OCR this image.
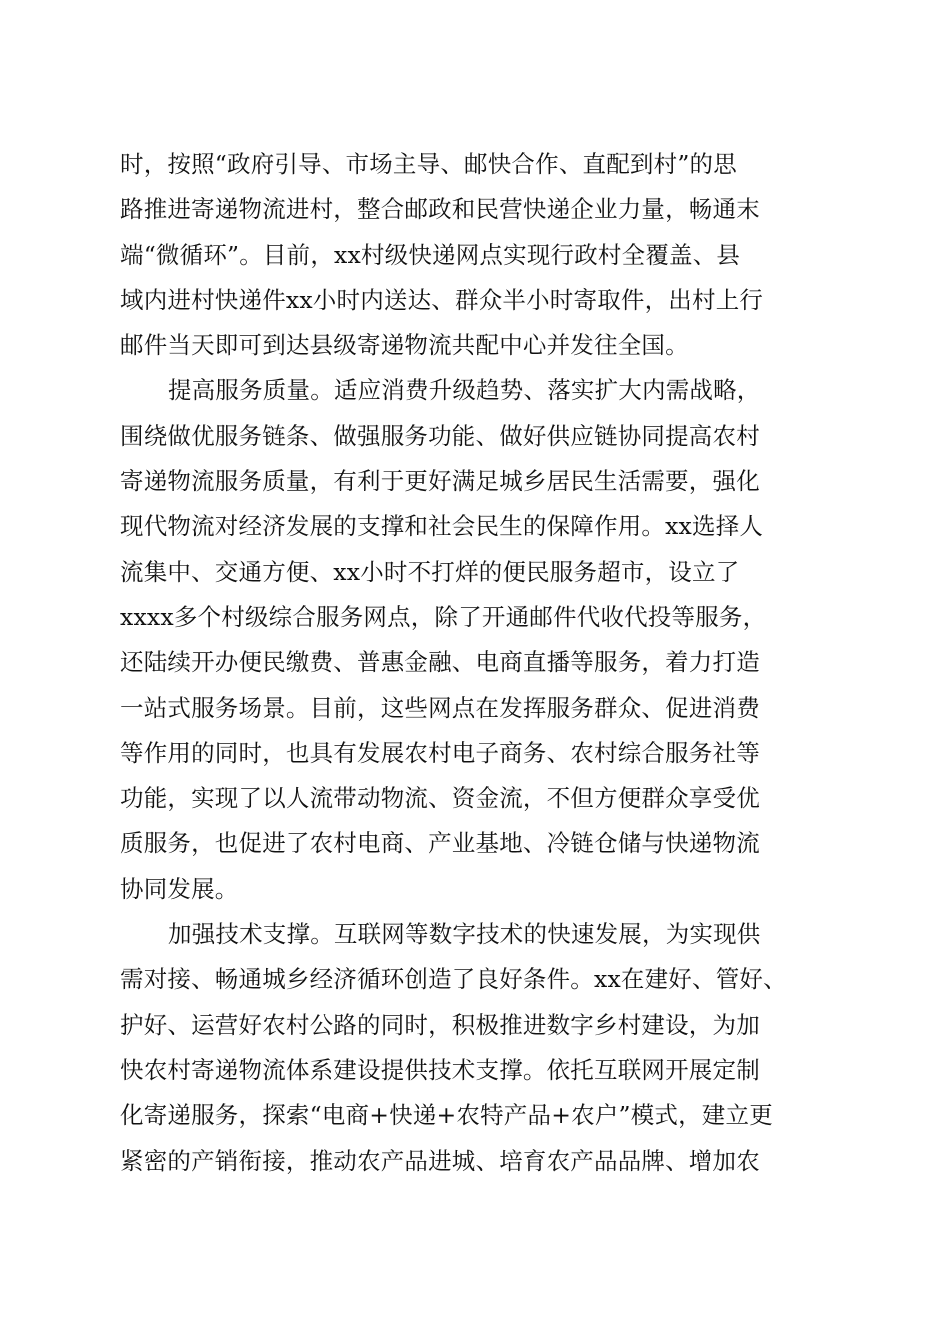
时，按照“政府引导、市场主导、邮快合作、直配到村”的思
路推进寄递物流进村，整合邮政和民营快递企业力量，畅通末
端“微循环”。目前，xx村级快递网点实现行政村全覆盖、县
域内进村快递件xx小时内送达、群众半小时寄取件，出村上行
邮件当天即可到达县级寄递物流共配中心并发往全国。
提高服务质量。适应消费升级趋势、落实扩大内需战略，
围绕做优服务链条、做强服务功能、做好供应链协同提高农村
寄递物流服务质量，有利于更好满足城乡居民生活需要，强化
现代物流对经济发展的支撑和社会民生的保障作用。xx选择人
流集中、交通方便、xx小时不打烊的便民服务超市，设立了
xxxx多个村级综合服务网点，除了开通邮件代收代投等服务，
还陆续开办便民缴费、普惠金融、电商直播等服务，着力打造
一站式服务场景。目前，这些网点在发挥服务群众、促进消费
等作用的同时，也具有发展农村电子商务、农村综合服务社等
功能，实现了以人流带动物流、资金流，不但方便群众享受优
质服务，也促进了农村电商、产业基地、冷链仓储与快递物流
协同发展。
加强技术支撑。互联网等数字技术的快速发展，为实现供
需对接、畅通城乡经济循环创造了良好条件。xx在建好、管好、
护好、运营好农村公路的同时，积极推进数字乡村建设，为加
快农村寄递物流体系建设提供技术支撑。依托互联网开展定制
化寄递服务，探索“电商+快递+农特产品+农户”模式，建立更
紧密的产销衔接，推动农产品进城、培育农产品品牌、增加农
